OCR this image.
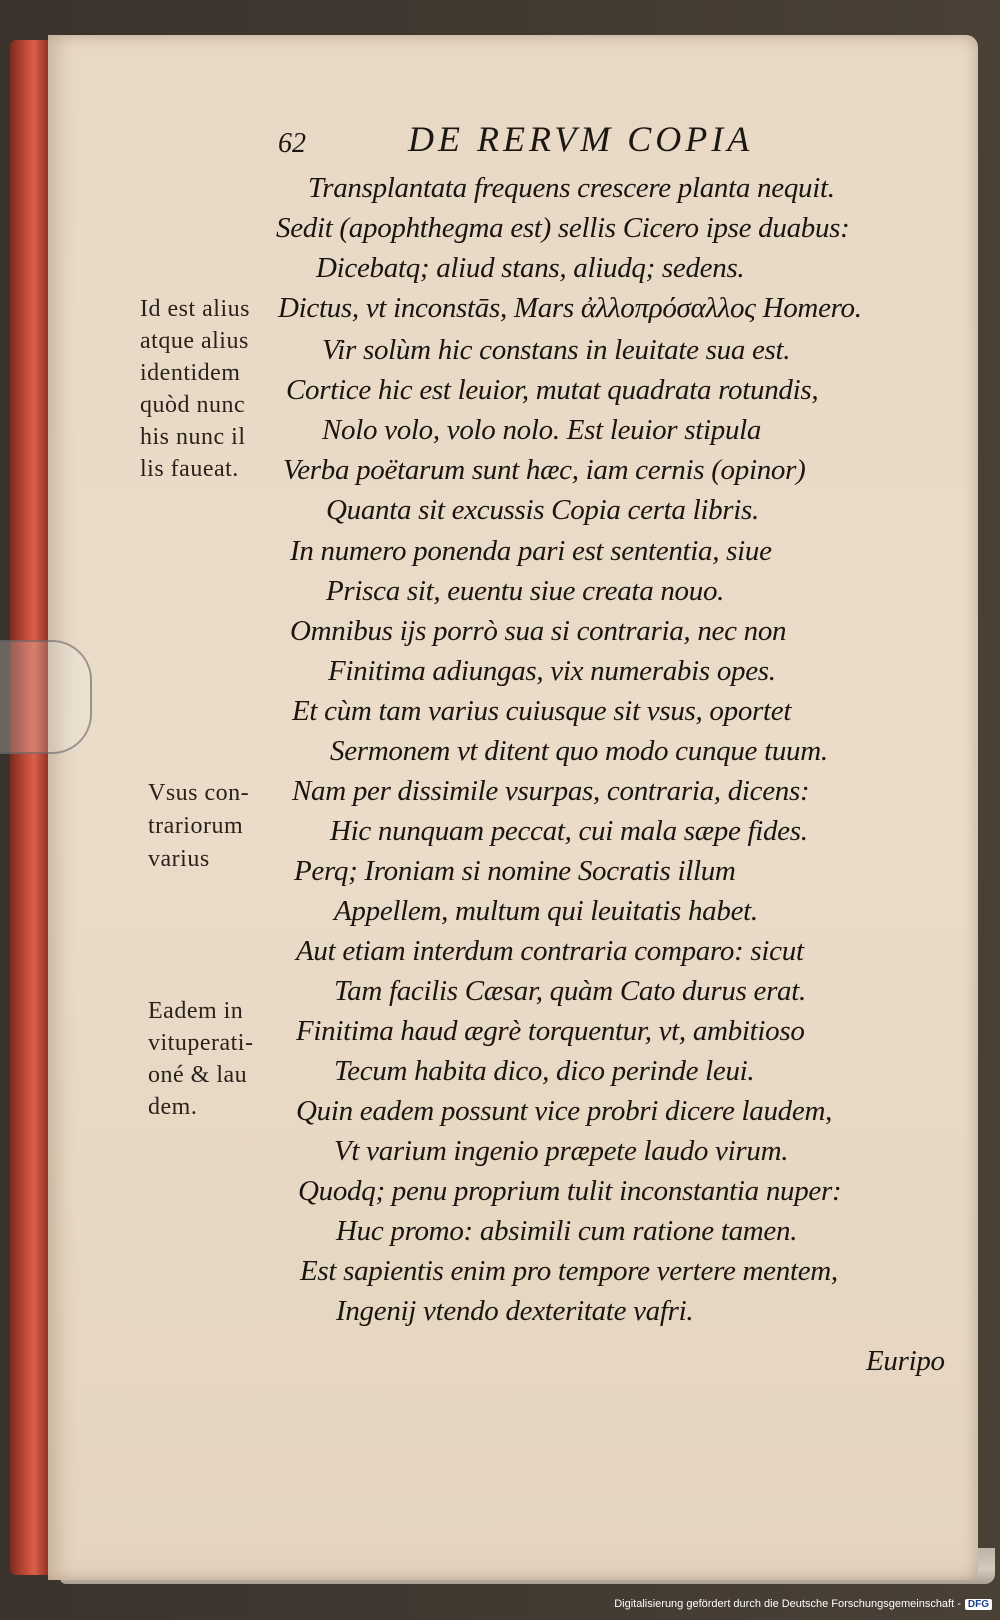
62	DE RERVM COPIA
Transplantata frequens crescere planta nequit.
Sedit (apophthegma est) sellis Cicero ipse duabus:
Dicebatq; aliud stans, aliudq; sedens.
Dictus, vt inconstās, Mars ἀλλοπρόσαλλος Homero.
Vir solùm hic constans in leuitate sua est.
Cortice hic est leuior, mutat quadrata rotundis,
Nolo volo, volo nolo. Est leuior stipula
Verba poëtarum sunt hæc, iam cernis (opinor)
Quanta sit excussis Copia certa libris.
In numero ponenda pari est sententia, siue
Prisca sit, euentu siue creata nouo.
Omnibus ijs porrò sua si contraria, nec non
Finitima adiungas, vix numerabis opes.
Et cùm tam varius cuiusque sit vsus, oportet
Sermonem vt ditent quo modo cunque tuum.
Nam per dissimile vsurpas, contraria, dicens:
Hic nunquam peccat, cui mala sæpe fides.
Perq; Ironiam si nomine Socratis illum
Appellem, multum qui leuitatis habet.
Aut etiam interdum contraria comparo: sicut
Tam facilis Cæsar, quàm Cato durus erat.
Finitima haud ægrè torquentur, vt, ambitioso
Tecum habita dico, dico perinde leui.
Quin eadem possunt vice probri dicere laudem,
Vt varium ingenio præpete laudo virum.
Quodq; penu proprium tulit inconstantia nuper:
Huc promo: absimili cum ratione tamen.
Est sapientis enim pro tempore vertere mentem,
Ingenij vtendo dexteritate vafri.
Euripo
Id est alius
atque alius
identidem
quòd nunc
his nunc il
lis faueat.
Vsus con-
trariorum
varius
Eadem in
vituperati-
oné & lau
dem.
Digitalisierung gefördert durch die Deutsche Forschungsgemeinschaft - DFG
